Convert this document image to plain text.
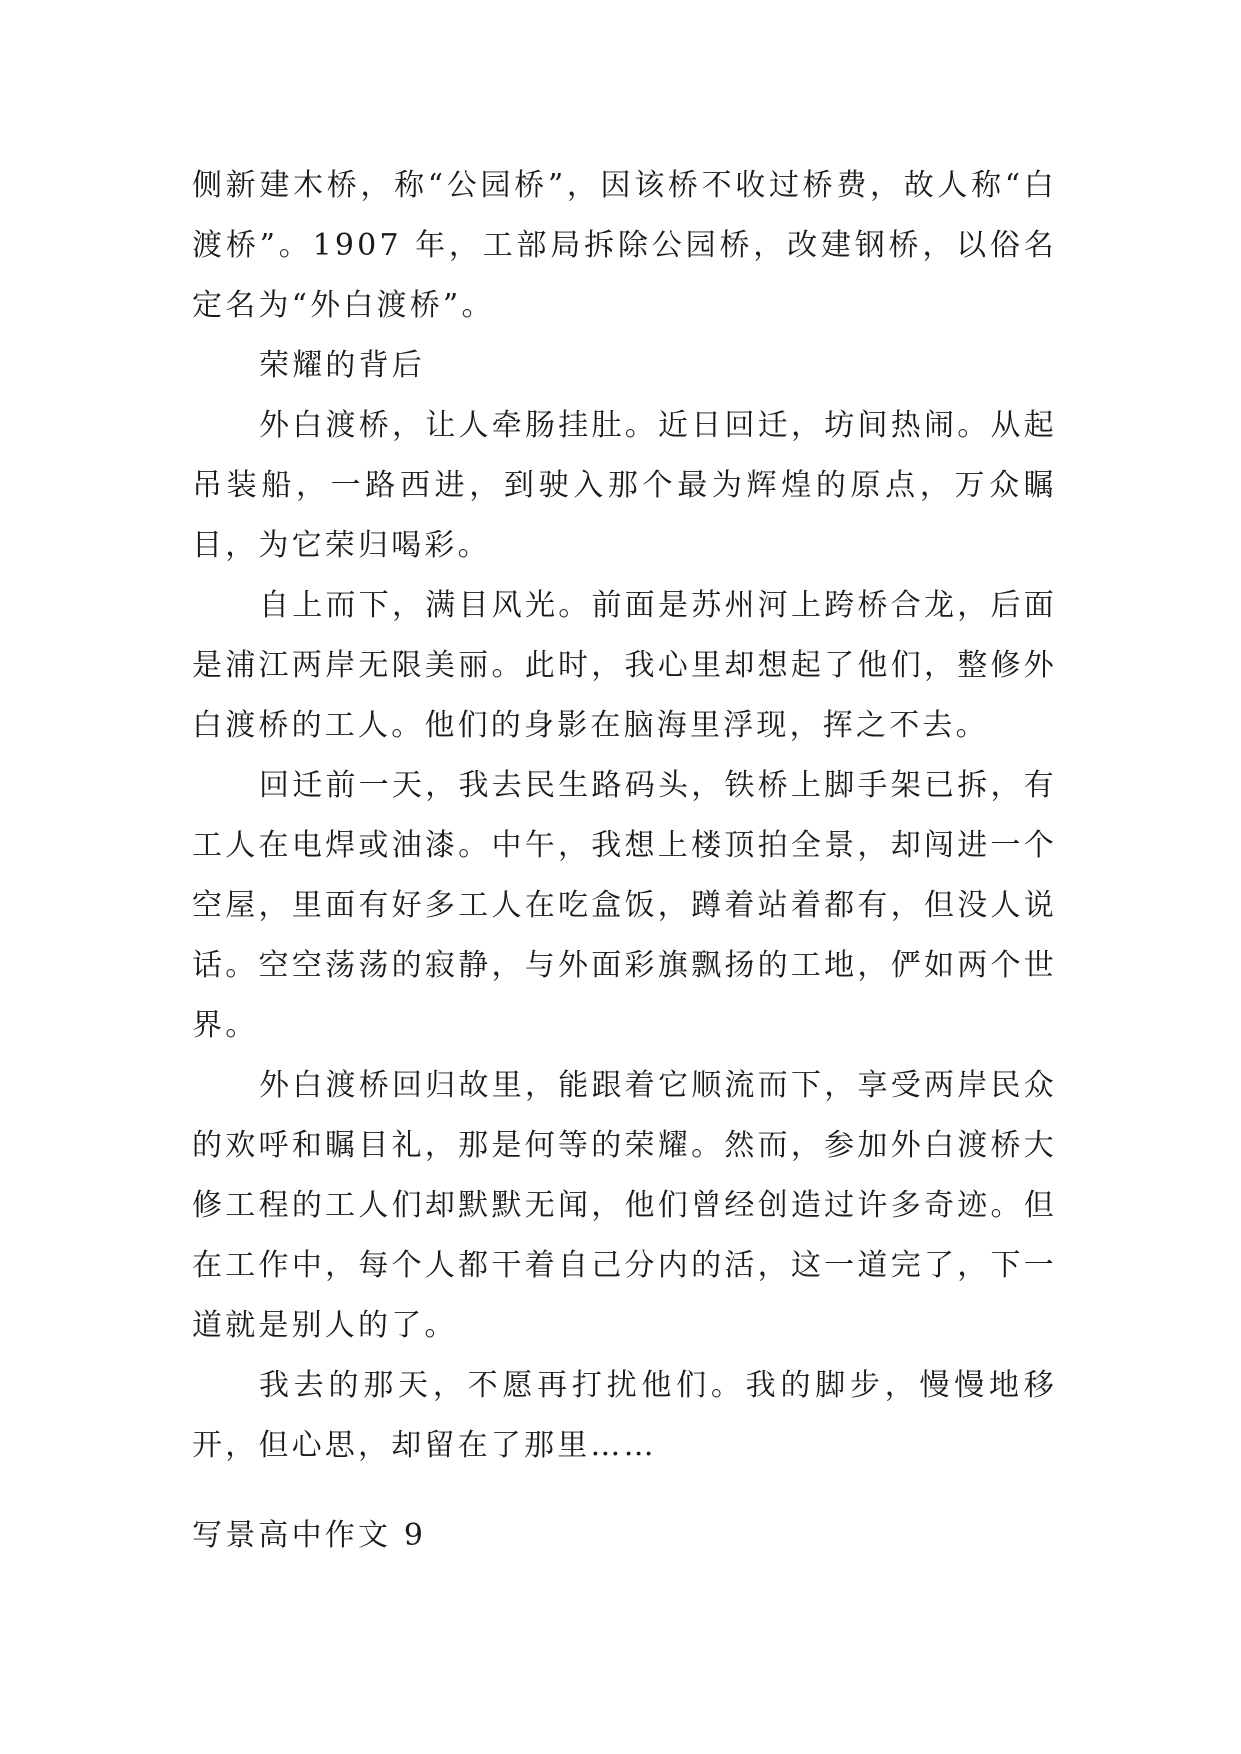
侧新建木桥，称“公园桥”，因该桥不收过桥费，故人称“白渡桥”。1907 年，工部局拆除公园桥，改建钢桥，以俗名定名为“外白渡桥”。

荣耀的背后

外白渡桥，让人牵肠挂肚。近日回迁，坊间热闹。从起吊装船，一路西进，到驶入那个最为辉煌的原点，万众瞩目，为它荣归喝彩。

自上而下，满目风光。前面是苏州河上跨桥合龙，后面是浦江两岸无限美丽。此时，我心里却想起了他们，整修外白渡桥的工人。他们的身影在脑海里浮现，挥之不去。

回迁前一天，我去民生路码头，铁桥上脚手架已拆，有工人在电焊或油漆。中午，我想上楼顶拍全景，却闯进一个空屋，里面有好多工人在吃盒饭，蹲着站着都有，但没人说话。空空荡荡的寂静，与外面彩旗飘扬的工地，俨如两个世界。

外白渡桥回归故里，能跟着它顺流而下，享受两岸民众的欢呼和瞩目礼，那是何等的荣耀。然而，参加外白渡桥大修工程的工人们却默默无闻，他们曾经创造过许多奇迹。但在工作中，每个人都干着自己分内的活，这一道完了，下一道就是别人的了。

我去的那天，不愿再打扰他们。我的脚步，慢慢地移开，但心思，却留在了那里……

写景高中作文 9
